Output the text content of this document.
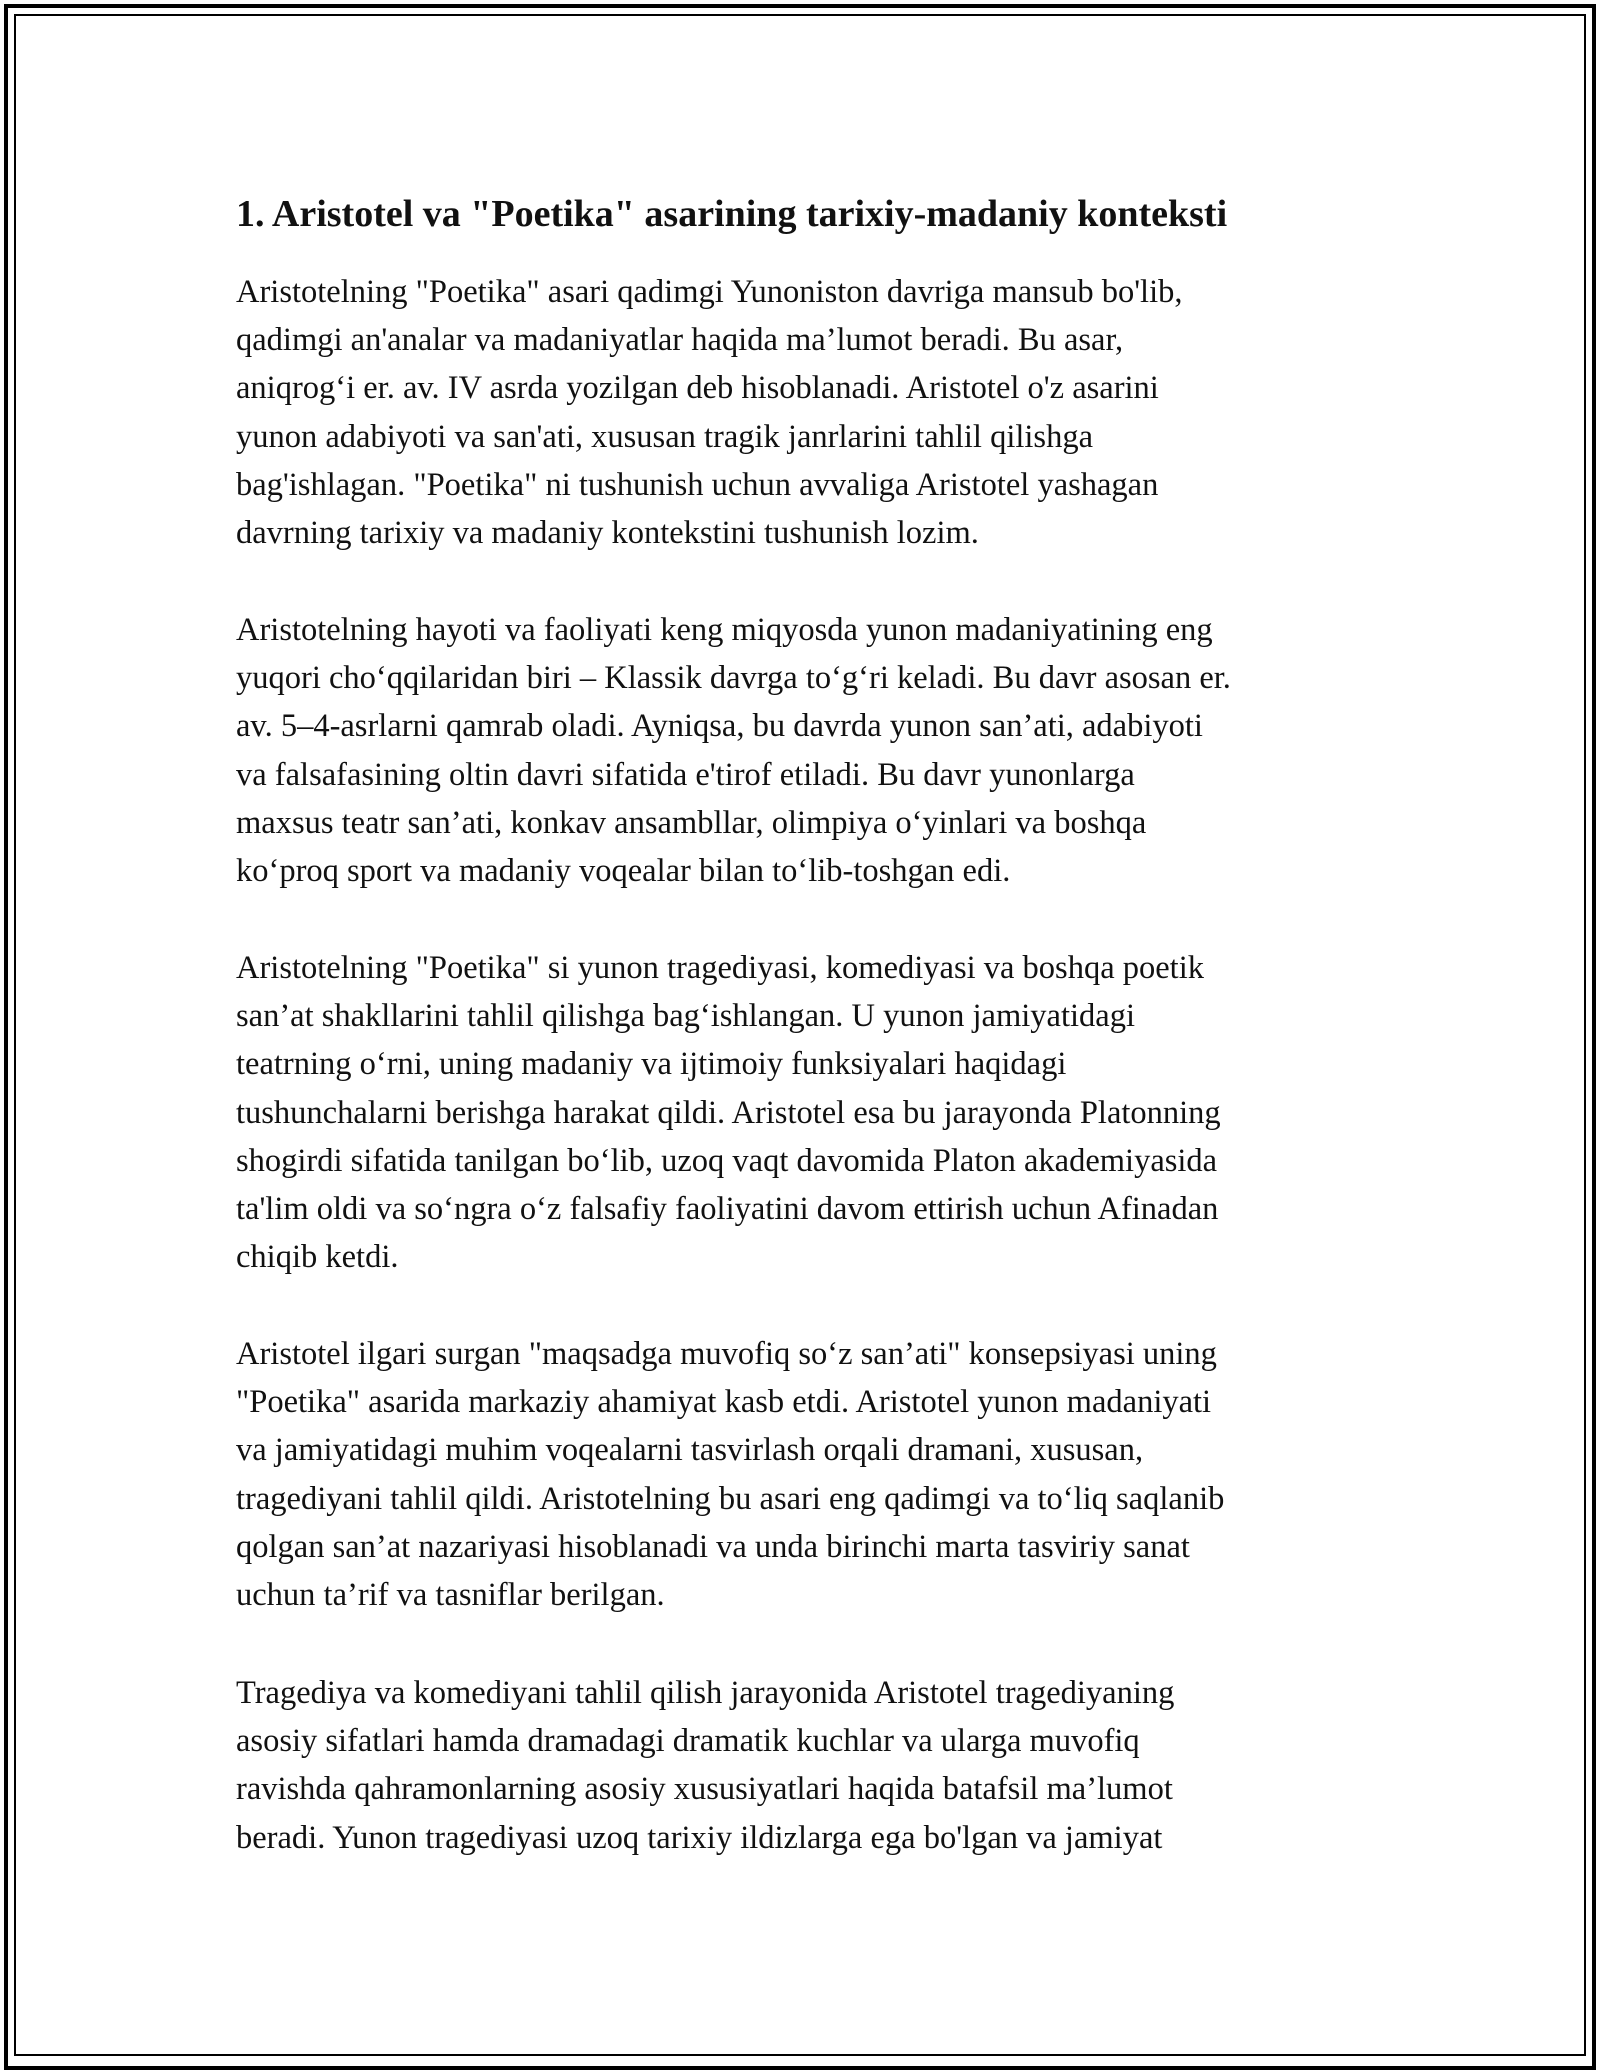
1. Aristotel va "Poetika" asarining tarixiy-madaniy konteksti
Aristotelning "Poetika" asari qadimgi Yunoniston davriga mansub bo'lib,
qadimgi an'analar va madaniyatlar haqida ma’lumot beradi. Bu asar,
aniqrog‘i er. av. IV asrda yozilgan deb hisoblanadi. Aristotel o'z asarini
yunon adabiyoti va san'ati, xususan tragik janrlarini tahlil qilishga
bag'ishlagan. "Poetika" ni tushunish uchun avvaliga Aristotel yashagan
davrning tarixiy va madaniy kontekstini tushunish lozim.
Aristotelning hayoti va faoliyati keng miqyosda yunon madaniyatining eng
yuqori cho‘qqilaridan biri – Klassik davrga to‘g‘ri keladi. Bu davr asosan er.
av. 5–4-asrlarni qamrab oladi. Ayniqsa, bu davrda yunon san’ati, adabiyoti
va falsafasining oltin davri sifatida e'tirof etiladi. Bu davr yunonlarga
maxsus teatr san’ati, konkav ansambllar, olimpiya o‘yinlari va boshqa
ko‘proq sport va madaniy voqealar bilan to‘lib-toshgan edi.
Aristotelning "Poetika" si yunon tragediyasi, komediyasi va boshqa poetik
san’at shakllarini tahlil qilishga bag‘ishlangan. U yunon jamiyatidagi
teatrning o‘rni, uning madaniy va ijtimoiy funksiyalari haqidagi
tushunchalarni berishga harakat qildi. Aristotel esa bu jarayonda Platonning
shogirdi sifatida tanilgan bo‘lib, uzoq vaqt davomida Platon akademiyasida
ta'lim oldi va so‘ngra o‘z falsafiy faoliyatini davom ettirish uchun Afinadan
chiqib ketdi.
Aristotel ilgari surgan "maqsadga muvofiq so‘z san’ati" konsepsiyasi uning
"Poetika" asarida markaziy ahamiyat kasb etdi. Aristotel yunon madaniyati
va jamiyatidagi muhim voqealarni tasvirlash orqali dramani, xususan,
tragediyani tahlil qildi. Aristotelning bu asari eng qadimgi va to‘liq saqlanib
qolgan san’at nazariyasi hisoblanadi va unda birinchi marta tasviriy sanat
uchun ta’rif va tasniflar berilgan.
Tragediya va komediyani tahlil qilish jarayonida Aristotel tragediyaning
asosiy sifatlari hamda dramadagi dramatik kuchlar va ularga muvofiq
ravishda qahramonlarning asosiy xususiyatlari haqida batafsil ma’lumot
beradi. Yunon tragediyasi uzoq tarixiy ildizlarga ega bo'lgan va jamiyat
